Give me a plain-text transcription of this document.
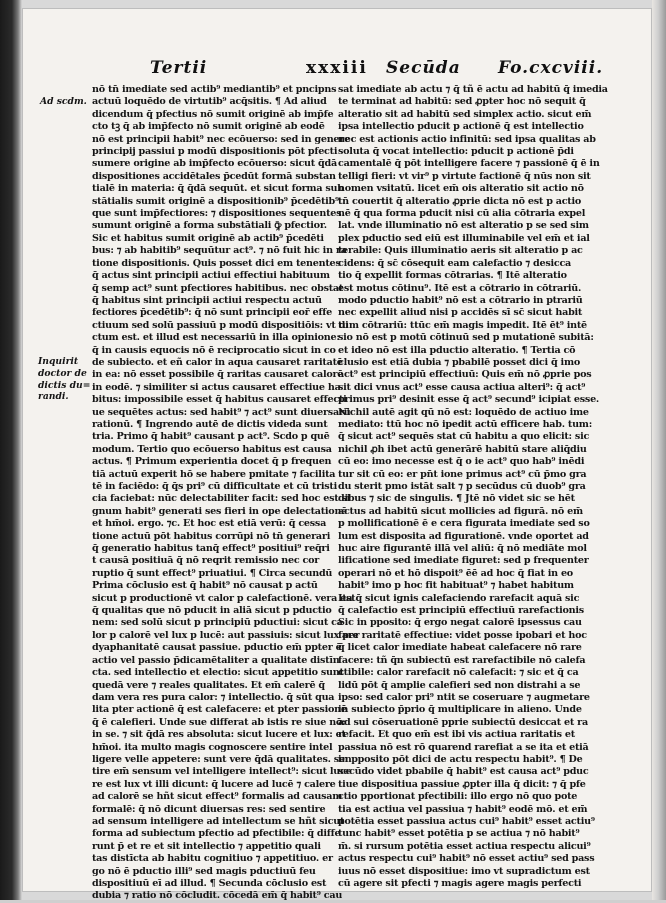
Tertii	xxxiii Secūda Fo.cxcviii.
Ad scdm.
Inquirit doctor de dictis du= randi.
nō tn̄ imediate sed actib⁹ mediantib⁹ et pncipns
actuū loquēdo de virtutib⁹ acq̄sitis. ¶ Ad aliud
dicendum q̄ pfectius nō sumit originē ab imp̄fe
cto tꝫ q̄ ab imp̄fecto nō sumit originē ab eodē
nō est principii habit⁹ nec ecōuerso: sed in genere
principij passiui p modū dispositionis pōt pfecti
sumere origine ab imp̄fecto ecōuerso: sicut q̄dā
dispositiones accidētales p̄cedūt formā substan
tialē in materia: q̄ q̄dā sequūt. et sicut forma sub
stātialis sumit originē a dispositionib⁹ p̄cedētib⁹
que sunt imp̄fectiores: ⁊ dispositiones sequentes
sumunt originē a forma substātiali ꝙ̄ pfectior.
Sic et habitus sumit originē ab actib⁹ p̄cedēti
bus: ⁊ ab habitib⁹ sequūtur act⁹. ⁊ nō fuit hic in ra
tione dispositionis. Quis posset dici em tenentes
q̄ actus sint principii actiui effectiui habituum
q̄ semp act⁹ sunt pfectiores habitibus. nec obstat
q̄ habitus sint principii actiui respectu actuū
fectiores p̄cedētib⁹: q̄ nō sunt principii eor̄ effe
ctiuum sed solū passiuū p modū dispositiōis: vt di
ctum est. et illud est necessariū in illa opinione:
q̄ in causis equocis nō ē reciprocatio sicut in co
de subiecto. et eñ calor in aqua causaret raritatē
in ea: nō esset possibile q̄ raritas causaret calorē
in eodē. ⁊ similiter si actus causaret effectiue ha
bitus: impossibile esset q̄ habitus causaret effecti
ue sequētes actus: sed habit⁹ ⁊ act⁹ sunt diuersarū
rationū. ¶ Ingrendo autē de dictis videda sunt
tria. Primo q̄ habit⁹ causant p act⁹. Scdo p quē
modum. Tertio quo ecōuerso habitus est causa
actus. ¶ Primum experientia docet q̄ p frequen
tiā actuū experit hō se habere pmitate ⁊ facilita
tē in faciēdo: q̄ q̄s pri⁹ cū difficultate et cū tristi
cia faciebat: nūc delectabiliter facit: sed hoc est si
gnum habit⁹ generati ses fieri in ope delectationē
et hm̄oi. ergo. ⁊c. Et hoc est etiā verū: q̄ cessa
tione actuū pōt habitus corrūpi nō tn̄ generari
q̄ generatio habitus tanq̄ effect⁹ positiui⁹ req̄ri
t causā positiuā q̄ nō reqrit remissio nec cor
ruptio q̄ sunt effect⁹ priuatiui. ¶ Circa secundū
Prima cōclusio est q̄ habit⁹ nō causat p actū
sicut p productionē vt calor p calefactionē. vera est
q̄ qualitas que nō pducit in aliā sicut p pductio
nem: sed solū sicut p principiū pductiui: sicut ca
lor p calorē vel lux p lucē: aut passiuis: sicut lux per
dyaphanitatē causat passiue. pductio em̄ ppter ē
actio vel passio p̄dicamētaliter a qualitate distīn
cta. sed intellectio et electio: sicut appetitio sunt
quedā vere ⁊ reales qualitates. Et em̄ calerē q̄
dam vera res pura calor: ⁊ intellectio. q̄ sūt qua
lita pter actionē q̄ est calefacere: et pter passionē
q̄ ē calefieri. Unde sue differat ab istis re siue nō:
in se. ⁊ sit q̄dā res absoluta: sicut lucere et lux: et
hm̄oi. ita multo magis cognoscere sentire intel
ligere velle appetere: sunt vere q̄dā qualitates. sen
tire em̄ sensum vel intelligere intellect⁹: sicut luce
re est lux vt illi dicunt: q̄ lucere ad lucē ⁊ calere
ad calorē se hñt sicut effect⁹ formalis ad causam
formalē: q̄ nō dicunt diuersas res: sed sentire
ad sensum intelligere ad intellectum se hñt sicut
forma ad subiectum pfectio ad pfectibile: q̄ diffe
runt p̄ et re et sit intellectio ⁊ appetitio quali
tas distīcta ab habitu cognitiuo ⁊ appetitiuo. er
go nō ē pductio illi⁹ sed magis pductiuū feu
dispositiuū eī ad illud. ¶ Secunda cōclusio est
dubia ⁊ ratio nō cōcludit. cōcedā em̄ q̄ habit⁹ cau
sat imediate ab actu ⁊ q̄ tñ ē actu ad habitū q̄ imedia
te terminat ad habitū: sed ꝓpter hoc nō sequit q̄
alteratio sit ad habitū sed simplex actio. sicut em̄
ipsa intellectio pducit p actionē q̄ est intellectio
nec est actionis actio infinitū: sed ipsa qualitas ab
soluta q̄ vocat intellectio: pducit p actionē p̄di
camentalē q̄ pōt intelligere facere ⁊ passionē q̄ ē in
telligi fieri: vt vir⁹ p virtute factionē q̄ nūs non sit
nomen vsitatū. licet em̄ ois alteratio sit actio nō
tn̄ couertit q̄ alteratio ꝓprie dicta nō est p actio
nē q̄ qua forma pducit nisi cū alia cōtraria expel
lat. vnde illuminatio nō est alteratio p se sed sim
plex pductio sed eiū est illuminabile vel em̄ et ial
terabile: Quis illuminatio aeris sit alteratio p ac
cidens: q̄ sc̄ cōsequit eam calefactio ⁊ desicca
tio q̄ expellit formas cōtrarias. ¶ Itē alteratio
est motus cōtinu⁹. Itē est a cōtrario in cōtrariū.
modo pductio habit⁹ nō est a cōtrario in ptrariū
nec expellit aliud nisi p accidēs sī sc̄ sicut habit
tum cōtrariū: ttūc em̄ magis impedit. Itē ēt⁹ intē
sio nō est p motū cōtinuū sed p mutationē subitā:
et ideo nō est illa pductio alteratio. ¶ Tertia cō
clusio est etiā dubia ⁊ pbabilē posset dici q̄ imo
act⁹ est principiū effectiuū: Quis em̄ nō ꝓprie pos
sit dici vnus act⁹ esse causa actiua alteri⁹: q̄ act⁹
primus pri⁹ desinit esse q̄ act⁹ secund⁹ icipiat esse.
Nichil autē agit qū nō est: loquēdo de actiuo ime
mediato: ttū hoc nō ipedit actū efficere hab. tum:
q̄ sicut act⁹ sequēs stat cū habitu a quo elicit: sic
nichil ꝓh ibet actū generārē habitū stare aliq̄diu
cū eo: imo necesse est q̄ o ie act⁹ quo hab⁹ inēdi
tur sit cū eo: er pn̄t ione primus act⁹ cū p̄mo gra
du sterit pmo istāt salt ⁊ p secūdus cū duob⁹ gra
dibus ⁊ sic de singulis. ¶ Jtē nō videt sic se hēt
actus ad habitū sicut mollicies ad figurā. nō em̄
p mollificationē ē e cera figurata imediate sed so
lum est disposita ad figurationē. vnde oportet ad
huc aire figurantē illā vel aliū: q̄ nō mediāte mol
lificatione sed imediate figuret: sed p frequenter
operari nō et hō dispoit⁹ ēē ad hoc q̄ fiat in eo
habit⁹ imo p hoc fit habituat⁹ ⁊ habet habitum
Ita q̄ sicut ignis calefaciendo rarefacit aquā sic
q̄ calefactio est principiū effectiuū rarefactionis
Sic in pposito: q̄ ergo negat calorē ipsessus cau
fare raritatē effectiue: videt posse ipobari et hoc
q̄ licet calor imediate habeat calefacere nō rare
facere: tñ q̄n subiectū est rarefactibile nō calefa
ctibile: calor rarefacit nō calefacit: ⁊ sic et q̄ ca
lidū pōt q̄ amplie calefieri sed non distrahi a se
ipso: sed calor pri⁹ ntit se coseruare ⁊ augmetare
in subiecto p̄prio q̄ multiplicare in alieno. Unde
ad sui cōseruationē pprie subiectū desiccat et ra
refacit. Et quo em̄ est ibi vis actiua raritatis et
passiua nō est rō quarend rarefiat a se ita et etiā
in pposito pōt dici de actu respectu habit⁹. ¶ De
secūdo videt pbabile q̄ habit⁹ est causa act⁹ pduc
tiue dispositiua passiue ꝓpter illa q̄ dicit: ⁊ q̄ pfe
ctio pportionat pfectibili: illo ergo nō quo pote
tia est actiua vel passiua ⁊ habit⁹ eodē mō. et em̄
potētia esset passiua actus cui⁹ habit⁹ esset actiu⁹
tunc habit⁹ esset potētia p se actiua ⁊ nō habit⁹
m̄. si rursum potētia esset actiua respectu alicui⁹
actus respectu cui⁹ habit⁹ nō esset actiu⁹ sed pass
iuus nō esset dispositiue: imo vt supradictum est
cū agere sit pfecti ⁊ magis agere magis perfecti
